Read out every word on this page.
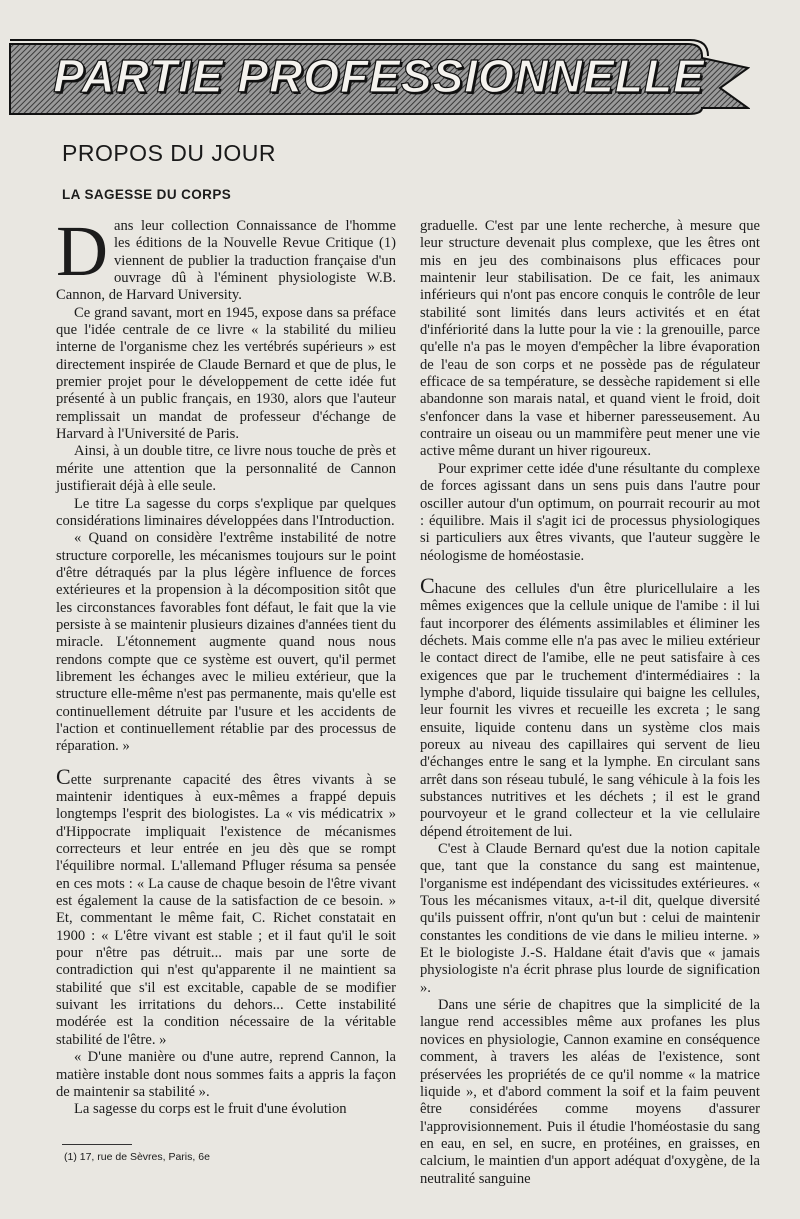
PARTIE PROFESSIONNELLE
PROPOS DU JOUR
LA SAGESSE DU CORPS

Dans leur collection Connaissance de l'homme les éditions de la Nouvelle Revue Critique (1) viennent de publier la traduction française d'un ouvrage dû à l'éminent physiologiste W.B. Cannon, de Harvard University.

Ce grand savant, mort en 1945, expose dans sa préface que l'idée centrale de ce livre « la stabilité du milieu interne de l'organisme chez les vertébrés supérieurs » est directement inspirée de Claude Bernard et que de plus, le premier projet pour le développement de cette idée fut présenté à un public français, en 1930, alors que l'auteur remplissait un mandat de professeur d'échange de Harvard à l'Université de Paris.

Ainsi, à un double titre, ce livre nous touche de près et mérite une attention que la personnalité de Cannon justifierait déjà à elle seule.

Le titre La sagesse du corps s'explique par quelques considérations liminaires développées dans l'Introduction.

« Quand on considère l'extrême instabilité de notre structure corporelle, les mécanismes toujours sur le point d'être détraqués par la plus légère influence de forces extérieures et la propension à la décomposition sitôt que les circonstances favorables font défaut, le fait que la vie persiste à se maintenir plusieurs dizaines d'années tient du miracle. L'étonnement augmente quand nous nous rendons compte que ce système est ouvert, qu'il permet librement les échanges avec le milieu extérieur, que la structure elle-même n'est pas permanente, mais qu'elle est continuellement détruite par l'usure et les accidents de l'action et continuellement rétablie par des processus de réparation. »

Cette surprenante capacité des êtres vivants à se maintenir identiques à eux-mêmes a frappé depuis longtemps l'esprit des biologistes. La « vis médicatrix » d'Hippocrate impliquait l'existence de mécanismes correcteurs et leur entrée en jeu dès que se rompt l'équilibre normal. L'allemand Pfluger résuma sa pensée en ces mots : « La cause de chaque besoin de l'être vivant est également la cause de la satisfaction de ce besoin. » Et, commentant le même fait, C. Richet constatait en 1900 : « L'être vivant est stable ; et il faut qu'il le soit pour n'être pas détruit... mais par une sorte de contradiction qui n'est qu'apparente il ne maintient sa stabilité que s'il est excitable, capable de se modifier suivant les irritations du dehors... Cette instabilité modérée est la condition nécessaire de la véritable stabilité de l'être. »

« D'une manière ou d'une autre, reprend Cannon, la matière instable dont nous sommes faits a appris la façon de maintenir sa stabilité ».

La sagesse du corps est le fruit d'une évolution

graduelle. C'est par une lente recherche, à mesure que leur structure devenait plus complexe, que les êtres ont mis en jeu des combinaisons plus efficaces pour maintenir leur stabilisation. De ce fait, les animaux inférieurs qui n'ont pas encore conquis le contrôle de leur stabilité sont limités dans leurs activités et en état d'infériorité dans la lutte pour la vie : la grenouille, parce qu'elle n'a pas le moyen d'empêcher la libre évaporation de l'eau de son corps et ne possède pas de régulateur efficace de sa température, se dessèche rapidement si elle abandonne son marais natal, et quand vient le froid, doit s'enfoncer dans la vase et hiberner paresseusement. Au contraire un oiseau ou un mammifère peut mener une vie active même durant un hiver rigoureux.

Pour exprimer cette idée d'une résultante du complexe de forces agissant dans un sens puis dans l'autre pour osciller autour d'un optimum, on pourrait recourir au mot : équilibre. Mais il s'agit ici de processus physiologiques si particuliers aux êtres vivants, que l'auteur suggère le néologisme de homéostasie.

Chacune des cellules d'un être pluricellulaire a les mêmes exigences que la cellule unique de l'amibe : il lui faut incorporer des éléments assimilables et éliminer les déchets. Mais comme elle n'a pas avec le milieu extérieur le contact direct de l'amibe, elle ne peut satisfaire à ces exigences que par le truchement d'intermédiaires : la lymphe d'abord, liquide tissulaire qui baigne les cellules, leur fournit les vivres et recueille les excreta ; le sang ensuite, liquide contenu dans un système clos mais poreux au niveau des capillaires qui servent de lieu d'échanges entre le sang et la lymphe. En circulant sans arrêt dans son réseau tubulé, le sang véhicule à la fois les substances nutritives et les déchets ; il est le grand pourvoyeur et le grand collecteur et la vie cellulaire dépend étroitement de lui.

C'est à Claude Bernard qu'est due la notion capitale que, tant que la constance du sang est maintenue, l'organisme est indépendant des vicissitudes extérieures. « Tous les mécanismes vitaux, a-t-il dit, quelque diversité qu'ils puissent offrir, n'ont qu'un but : celui de maintenir constantes les conditions de vie dans le milieu interne. » Et le biologiste J.-S. Haldane était d'avis que « jamais physiologiste n'a écrit phrase plus lourde de signification ».

Dans une série de chapitres que la simplicité de la langue rend accessibles même aux profanes les plus novices en physiologie, Cannon examine en conséquence comment, à travers les aléas de l'existence, sont préservées les propriétés de ce qu'il nomme « la matrice liquide », et d'abord comment la soif et la faim peuvent être considérées comme moyens d'assurer l'approvisionnement. Puis il étudie l'homéostasie du sang en eau, en sel, en sucre, en protéines, en graisses, en calcium, le maintien d'un apport adéquat d'oxygène, de la neutralité sanguine

(1) 17, rue de Sèvres, Paris, 6e
